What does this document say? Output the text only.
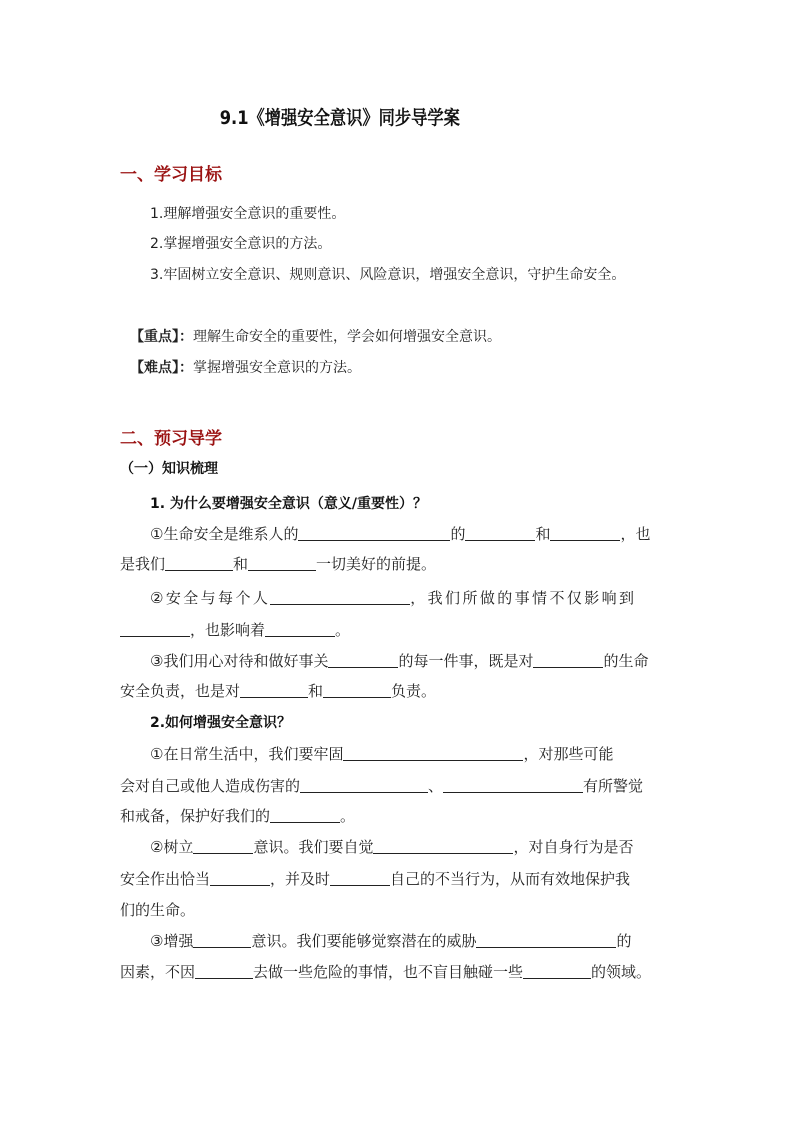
9.1《增强安全意识》同步导学案
一、学习目标
1.理解增强安全意识的重要性。
2.掌握增强安全意识的方法。
3.牢固树立安全意识、规则意识、风险意识，增强安全意识，守护生命安全。
【重点】：理解生命安全的重要性，学会如何增强安全意识。
【难点】：掌握增强安全意识的方法。
二、预习导学
（一）知识梳理
1. 为什么要增强安全意识（意义/重要性）？
①生命安全是维系人的	的	和	，也
是我们	和	一切美好的前提。
②安全与每个人	，我们所做的事情不仅影响到
，也影响着	。
③我们用心对待和做好事关	的每一件事，既是对	的生命
安全负责，也是对	和	负责。
2.如何增强安全意识？
①在日常生活中，我们要牢固	，对那些可能
会对自己或他人造成伤害的	、	有所警觉
和戒备，保护好我们的	。
②树立	意识。我们要自觉	，对自身行为是否
安全作出恰当	，并及时	自己的不当行为，从而有效地保护我
们的生命。
③增强	意识。我们要能够觉察潜在的威胁	的
因素，不因	去做一些危险的事情，也不盲目触碰一些	的领域。
